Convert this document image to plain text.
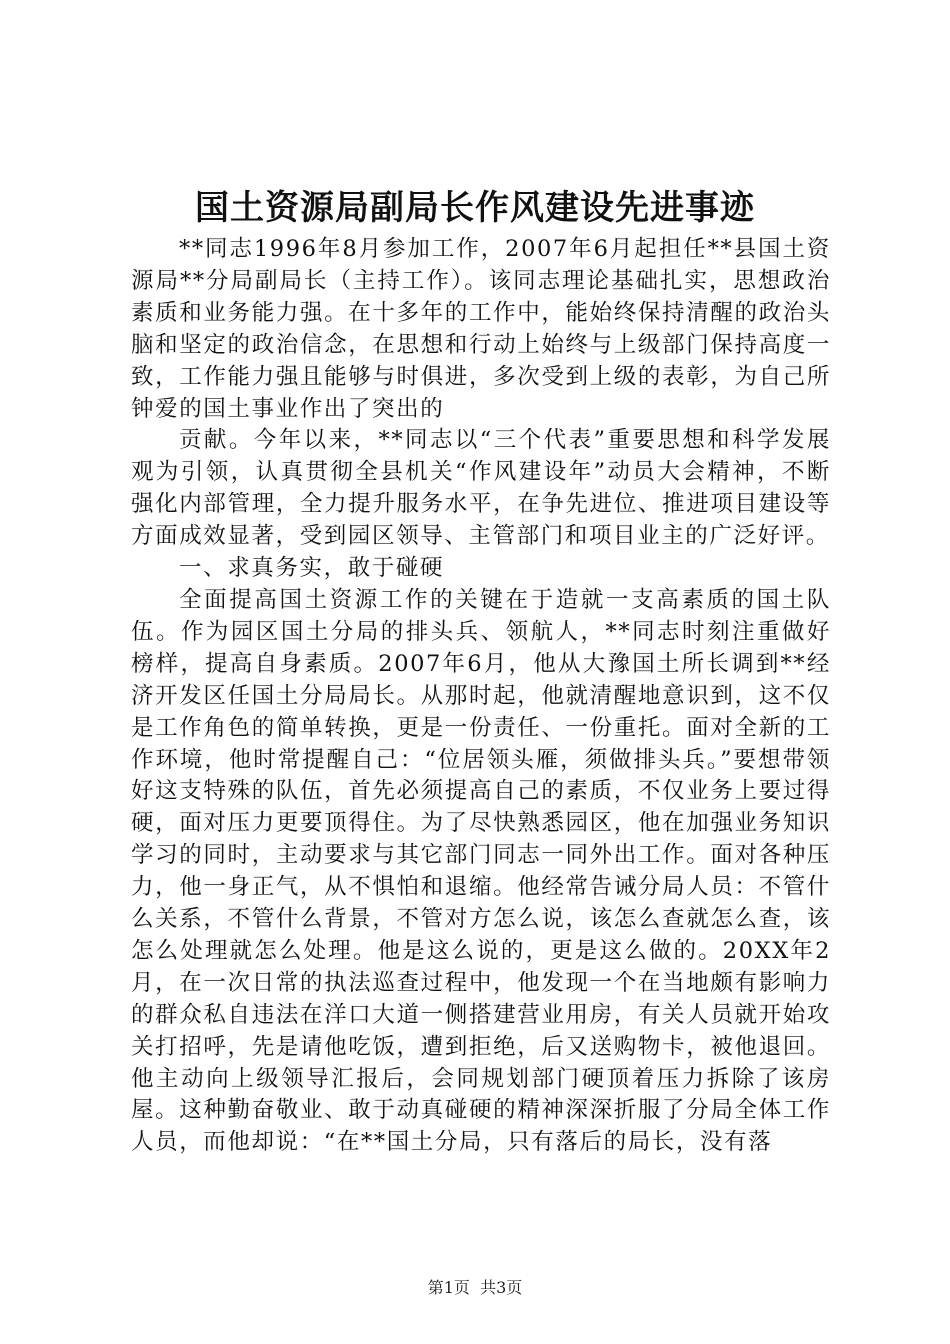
国土资源局副局长作风建设先进事迹

**同志1996年8月参加工作，2007年6月起担任**县国土资源局**分局副局长（主持工作）。该同志理论基础扎实，思想政治素质和业务能力强。在十多年的工作中，能始终保持清醒的政治头脑和坚定的政治信念，在思想和行动上始终与上级部门保持高度一致，工作能力强且能够与时俱进，多次受到上级的表彰，为自己所钟爱的国土事业作出了突出的

贡献。今年以来，**同志以“三个代表”重要思想和科学发展观为引领，认真贯彻全县机关“作风建设年”动员大会精神，不断强化内部管理，全力提升服务水平，在争先进位、推进项目建设等方面成效显著，受到园区领导、主管部门和项目业主的广泛好评。

一、求真务实，敢于碰硬

全面提高国土资源工作的关键在于造就一支高素质的国土队伍。作为园区国土分局的排头兵、领航人，**同志时刻注重做好榜样，提高自身素质。2007年6月，他从大豫国土所长调到**经济开发区任国土分局局长。从那时起，他就清醒地意识到，这不仅是工作角色的简单转换，更是一份责任、一份重托。面对全新的工作环境，他时常提醒自己：“位居领头雁，须做排头兵。”要想带领好这支特殊的队伍，首先必须提高自己的素质，不仅业务上要过得硬，面对压力更要顶得住。为了尽快熟悉园区，他在加强业务知识学习的同时，主动要求与其它部门同志一同外出工作。面对各种压力，他一身正气，从不惧怕和退缩。他经常告诫分局人员：不管什么关系，不管什么背景，不管对方怎么说，该怎么查就怎么查，该怎么处理就怎么处理。他是这么说的，更是这么做的。20XX年2月，在一次日常的执法巡查过程中，他发现一个在当地颇有影响力的群众私自违法在洋口大道一侧搭建营业用房，有关人员就开始攻关打招呼，先是请他吃饭，遭到拒绝，后又送购物卡，被他退回。他主动向上级领导汇报后，会同规划部门硬顶着压力拆除了该房屋。这种勤奋敬业、敢于动真碰硬的精神深深折服了分局全体工作人员，而他却说：“在**国土分局，只有落后的局长，没有落

第1页 共3页
